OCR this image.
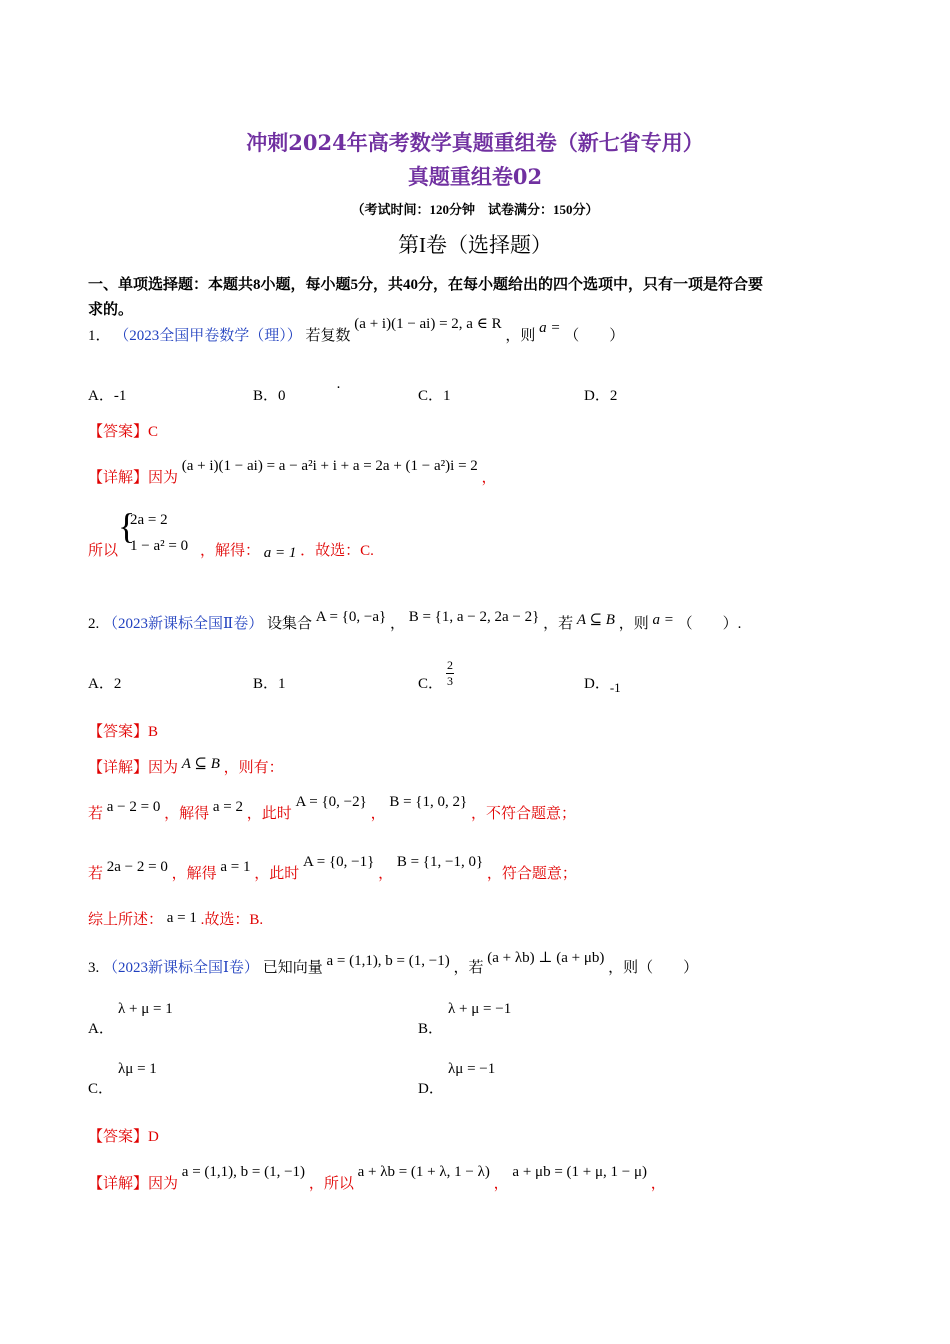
冲刺2024年高考数学真题重组卷（新七省专用）
真题重组卷02
（考试时间：120分钟　试卷满分：150分）
第I卷（选择题）
一、单项选择题：本题共8小题，每小题5分，共40分，在每小题给出的四个选项中，只有一项是符合要
求的。
1． （2023全国甲卷数学（理）） 若复数 (a + i)(1 − ai) = 2, a ∈ R ，则 a = （　　）
A．-1	B．0	·	C．1	D．2
【答案】C
【详解】因为 (a + i)(1 − ai) = a − a²i + i + a = 2a + (1 − a²)i = 2 ，
所以
{
2a = 2
1 − a² = 0 ，解得： a = 1 ．故选：C.
2. （2023新课标全国Ⅱ卷） 设集合 A = {0, −a} ， B = {1, a − 2, 2a − 2} ，若 A ⊆ B ，则 a = （　　）.
A．2	B．1	C． $\frac{2}{3}$	D．-1
【答案】B
【详解】因为 A ⊆ B ，则有：
若 a − 2 = 0 ，解得 a = 2 ，此时 A = {0, −2} ， B = {1, 0, 2} ，不符合题意；
若 2a − 2 = 0 ，解得 a = 1 ，此时 A = {0, −1} ， B = {1, −1, 0} ，符合题意；
综上所述： a = 1 .故选：B.
3. （2023新课标全国Ⅰ卷） 已知向量 a = (1,1), b = (1, −1) ，若 (a + λb) ⊥ (a + μb) ，则（　　）
A．
λ + μ = 1
B．
λ + μ = −1
C．
λμ = 1
D．
λμ = −1
【答案】D
【详解】因为 a = (1,1), b = (1, −1) ，所以 a + λb = (1 + λ, 1 − λ) ， a + μb = (1 + μ, 1 − μ) ，
